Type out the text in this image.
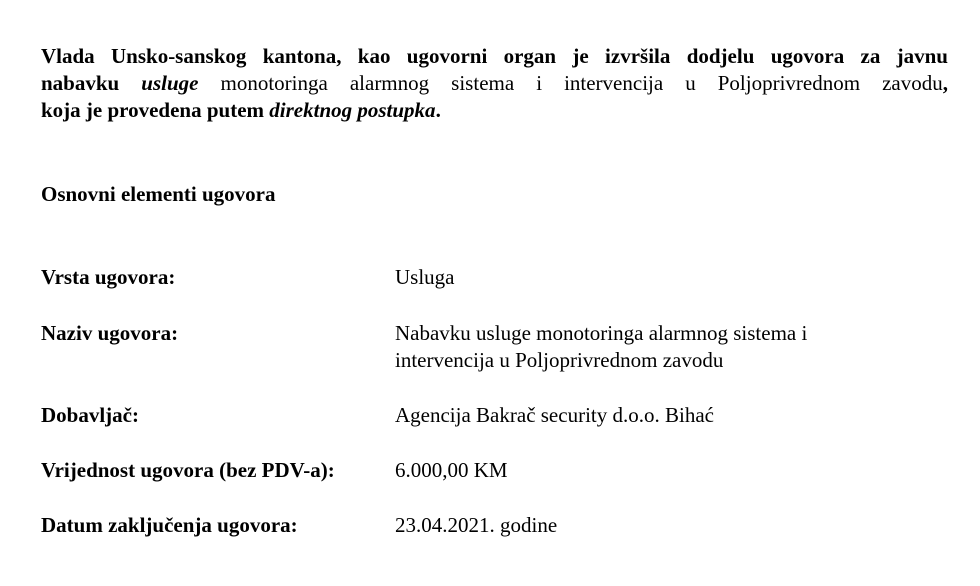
Vlada Unsko-sanskog kantona, kao ugovorni organ je izvršila dodjelu ugovora za javnu
nabavku usluge monotoringa alarmnog sistema i intervencija u Poljoprivrednom zavodu,
koja je provedena putem direktnog postupka.
Osnovni elementi ugovora
Vrsta ugovora:	Usluga
Naziv ugovora:	Nabavku usluge monotoringa alarmnog sistema i
intervencija u Poljoprivrednom zavodu
Dobavljač:	Agencija Bakrač security d.o.o. Bihać
Vrijednost ugovora (bez PDV-a):	6.000,00 KM
Datum zaključenja ugovora:	23.04.2021. godine
